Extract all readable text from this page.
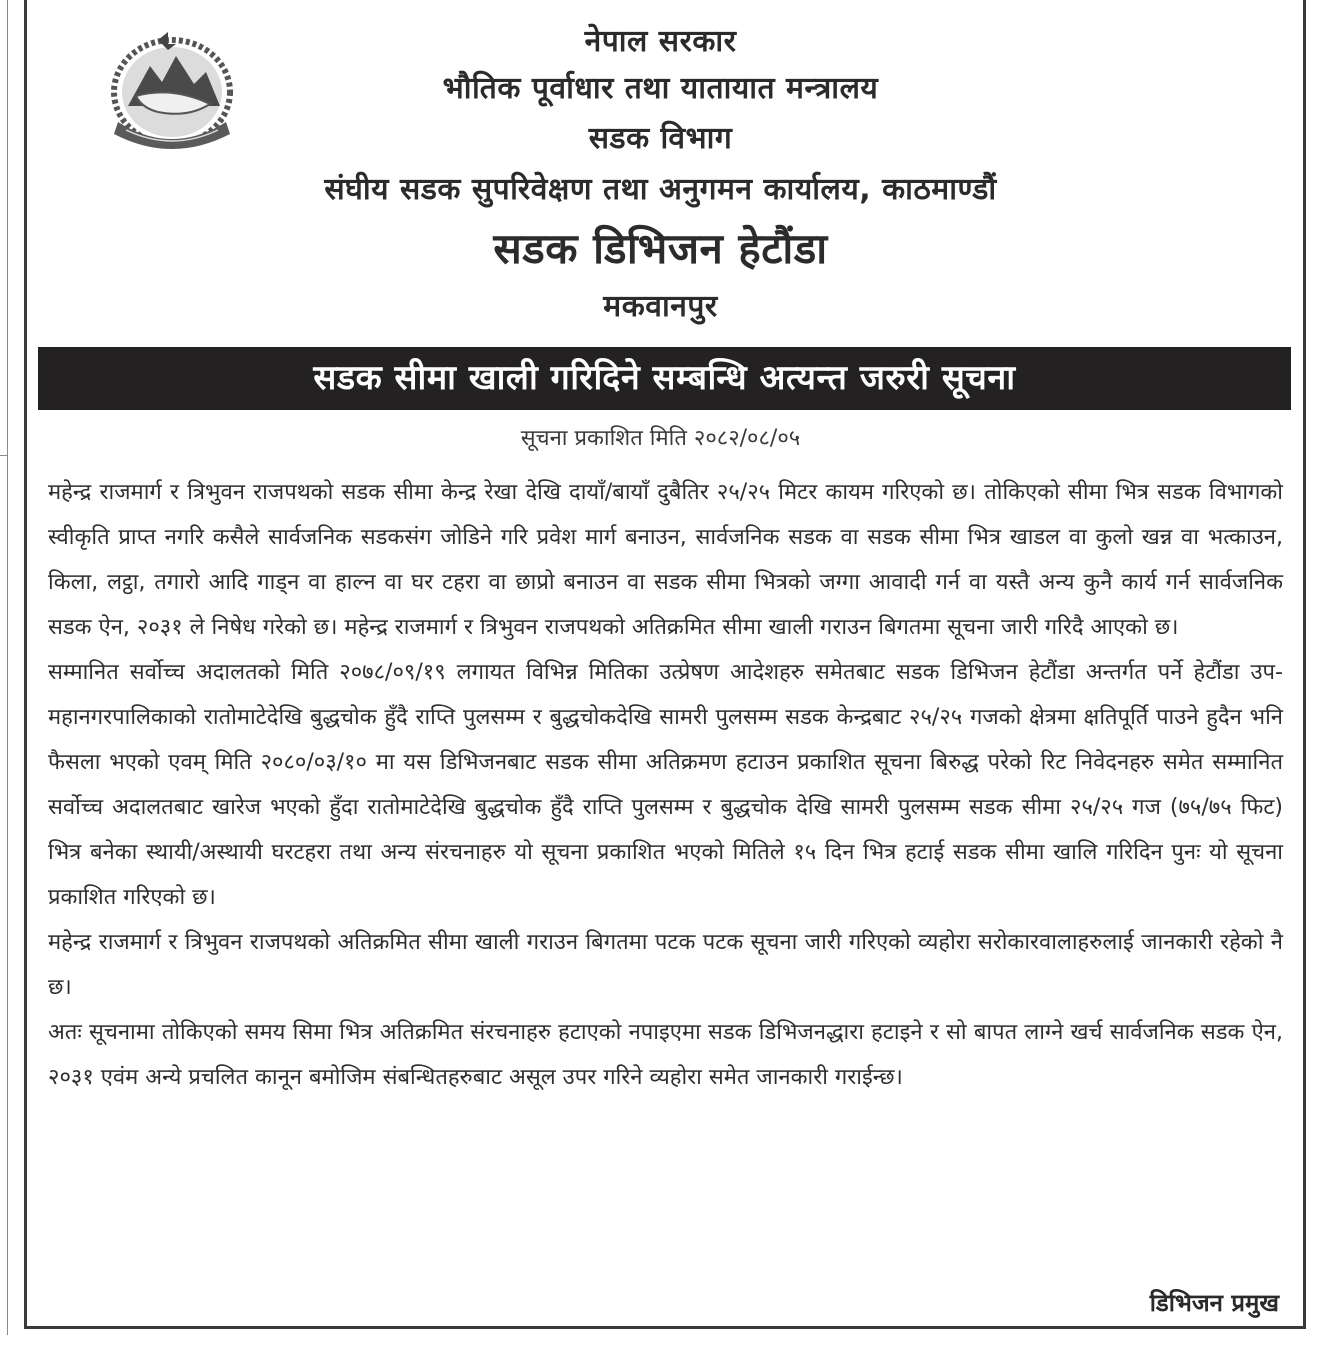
नेपाल सरकार
भौतिक पूर्वाधार तथा यातायात मन्त्रालय
सडक विभाग
संघीय सडक सुपरिवेक्षण तथा अनुगमन कार्यालय, काठमाण्डौं
सडक डिभिजन हेटौंडा
मकवानपुर
सडक सीमा खाली गरिदिने सम्बन्धि अत्यन्त जरुरी सूचना
सूचना प्रकाशित मिति २०८२/०८/०५

महेन्द्र राजमार्ग र त्रिभुवन राजपथको सडक सीमा केन्द्र रेखा देखि दायाँ/बायाँ दुबैतिर २५/२५ मिटर कायम गरिएको छ। तोकिएको सीमा भित्र सडक विभागको स्वीकृति प्राप्त नगरि कसैले सार्वजनिक सडकसंग जोडिने गरि प्रवेश मार्ग बनाउन, सार्वजनिक सडक वा सडक सीमा भित्र खाडल वा कुलो खन्न वा भत्काउन, किला, लट्ठा, तगारो आदि गाड्न वा हाल्न वा घर टहरा वा छाप्रो बनाउन वा सडक सीमा भित्रको जग्गा आवादी गर्न वा यस्तै अन्य कुनै कार्य गर्न सार्वजनिक सडक ऐन, २०३१ ले निषेध गरेको छ। महेन्द्र राजमार्ग र त्रिभुवन राजपथको अतिक्रमित सीमा खाली गराउन बिगतमा सूचना जारी गरिदै आएको छ।

सम्मानित सर्वोच्च अदालतको मिति २०७८/०९/१९ लगायत विभिन्न मितिका उत्प्रेषण आदेशहरु समेतबाट सडक डिभिजन हेटौंडा अन्तर्गत पर्ने हेटौंडा उप-महानगरपालिकाको रातोमाटेदेखि बुद्धचोक हुँदै राप्ति पुलसम्म र बुद्धचोकदेखि सामरी पुलसम्म सडक केन्द्रबाट २५/२५ गजको क्षेत्रमा क्षतिपूर्ति पाउने हुदैन भनि फैसला भएको एवम् मिति २०८०/०३/१० मा यस डिभिजनबाट सडक सीमा अतिक्रमण हटाउन प्रकाशित सूचना बिरुद्ध परेको रिट निवेदनहरु समेत सम्मानित सर्वोच्च अदालतबाट खारेज भएको हुँदा रातोमाटेदेखि बुद्धचोक हुँदै राप्ति पुलसम्म र बुद्धचोक देखि सामरी पुलसम्म सडक सीमा २५/२५ गज (७५/७५ फिट) भित्र बनेका स्थायी/अस्थायी घरटहरा तथा अन्य संरचनाहरु यो सूचना प्रकाशित भएको मितिले १५ दिन भित्र हटाई सडक सीमा खालि गरिदिन पुनः यो सूचना प्रकाशित गरिएको छ।

महेन्द्र राजमार्ग र त्रिभुवन राजपथको अतिक्रमित सीमा खाली गराउन बिगतमा पटक पटक सूचना जारी गरिएको व्यहोरा सरोकारवालाहरुलाई जानकारी रहेको नै छ।

अतः सूचनामा तोकिएको समय सिमा भित्र अतिक्रमित संरचनाहरु हटाएको नपाइएमा सडक डिभिजनद्धारा हटाइने र सो बापत लाग्ने खर्च सार्वजनिक सडक ऐन, २०३१ एवंम अन्ये प्रचलित कानून बमोजिम संबन्धितहरुबाट असूल उपर गरिने व्यहोरा समेत जानकारी गराईन्छ।

डिभिजन प्रमुख
